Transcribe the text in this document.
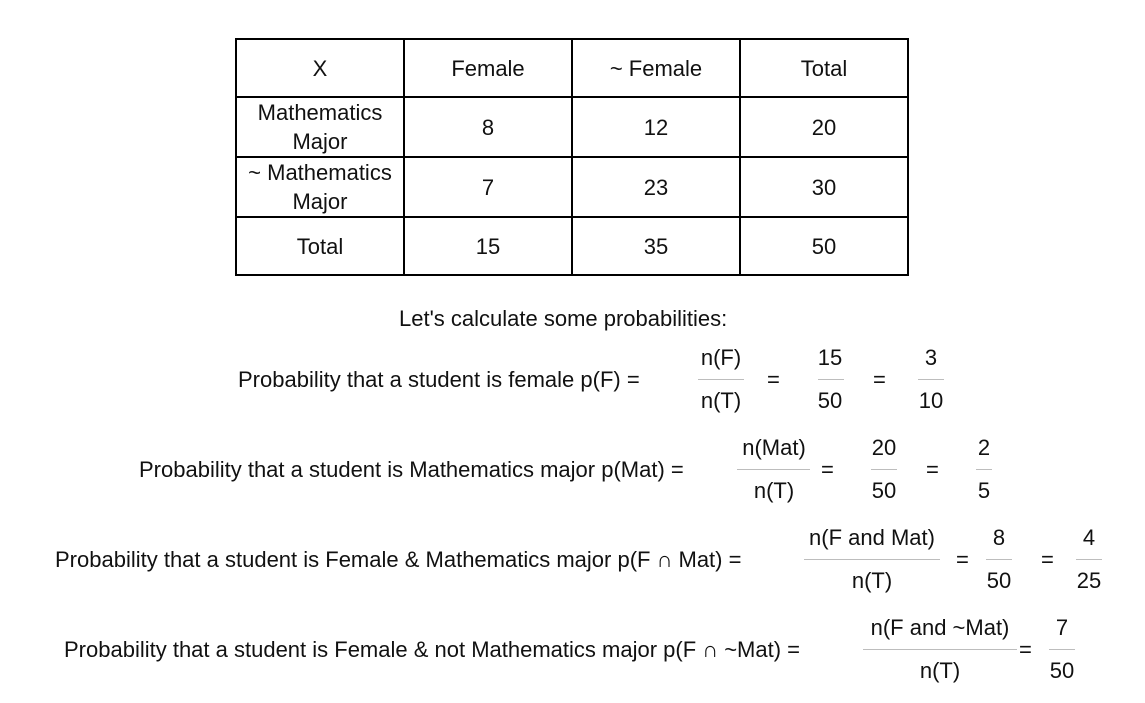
X	Female	~ Female	Total
Mathematics
Major	8	12	20
~ Mathematics
Major	7	23	30
Total	15	35	50
Let's calculate some probabilities:
Probability that a student is female p(F) =
n(F)
n(T)
=
15
50
=
3
10
Probability that a student is Mathematics major p(Mat) =
n(Mat)
n(T)
=
20
50
=
2
5
Probability that a student is Female & Mathematics major p(F ∩ Mat) =
n(F and Mat)
n(T)
=
8
50
=
4
25
Probability that a student is Female & not Mathematics major p(F ∩ ~Mat) =
n(F and ~Mat)
n(T)
=
7
50
